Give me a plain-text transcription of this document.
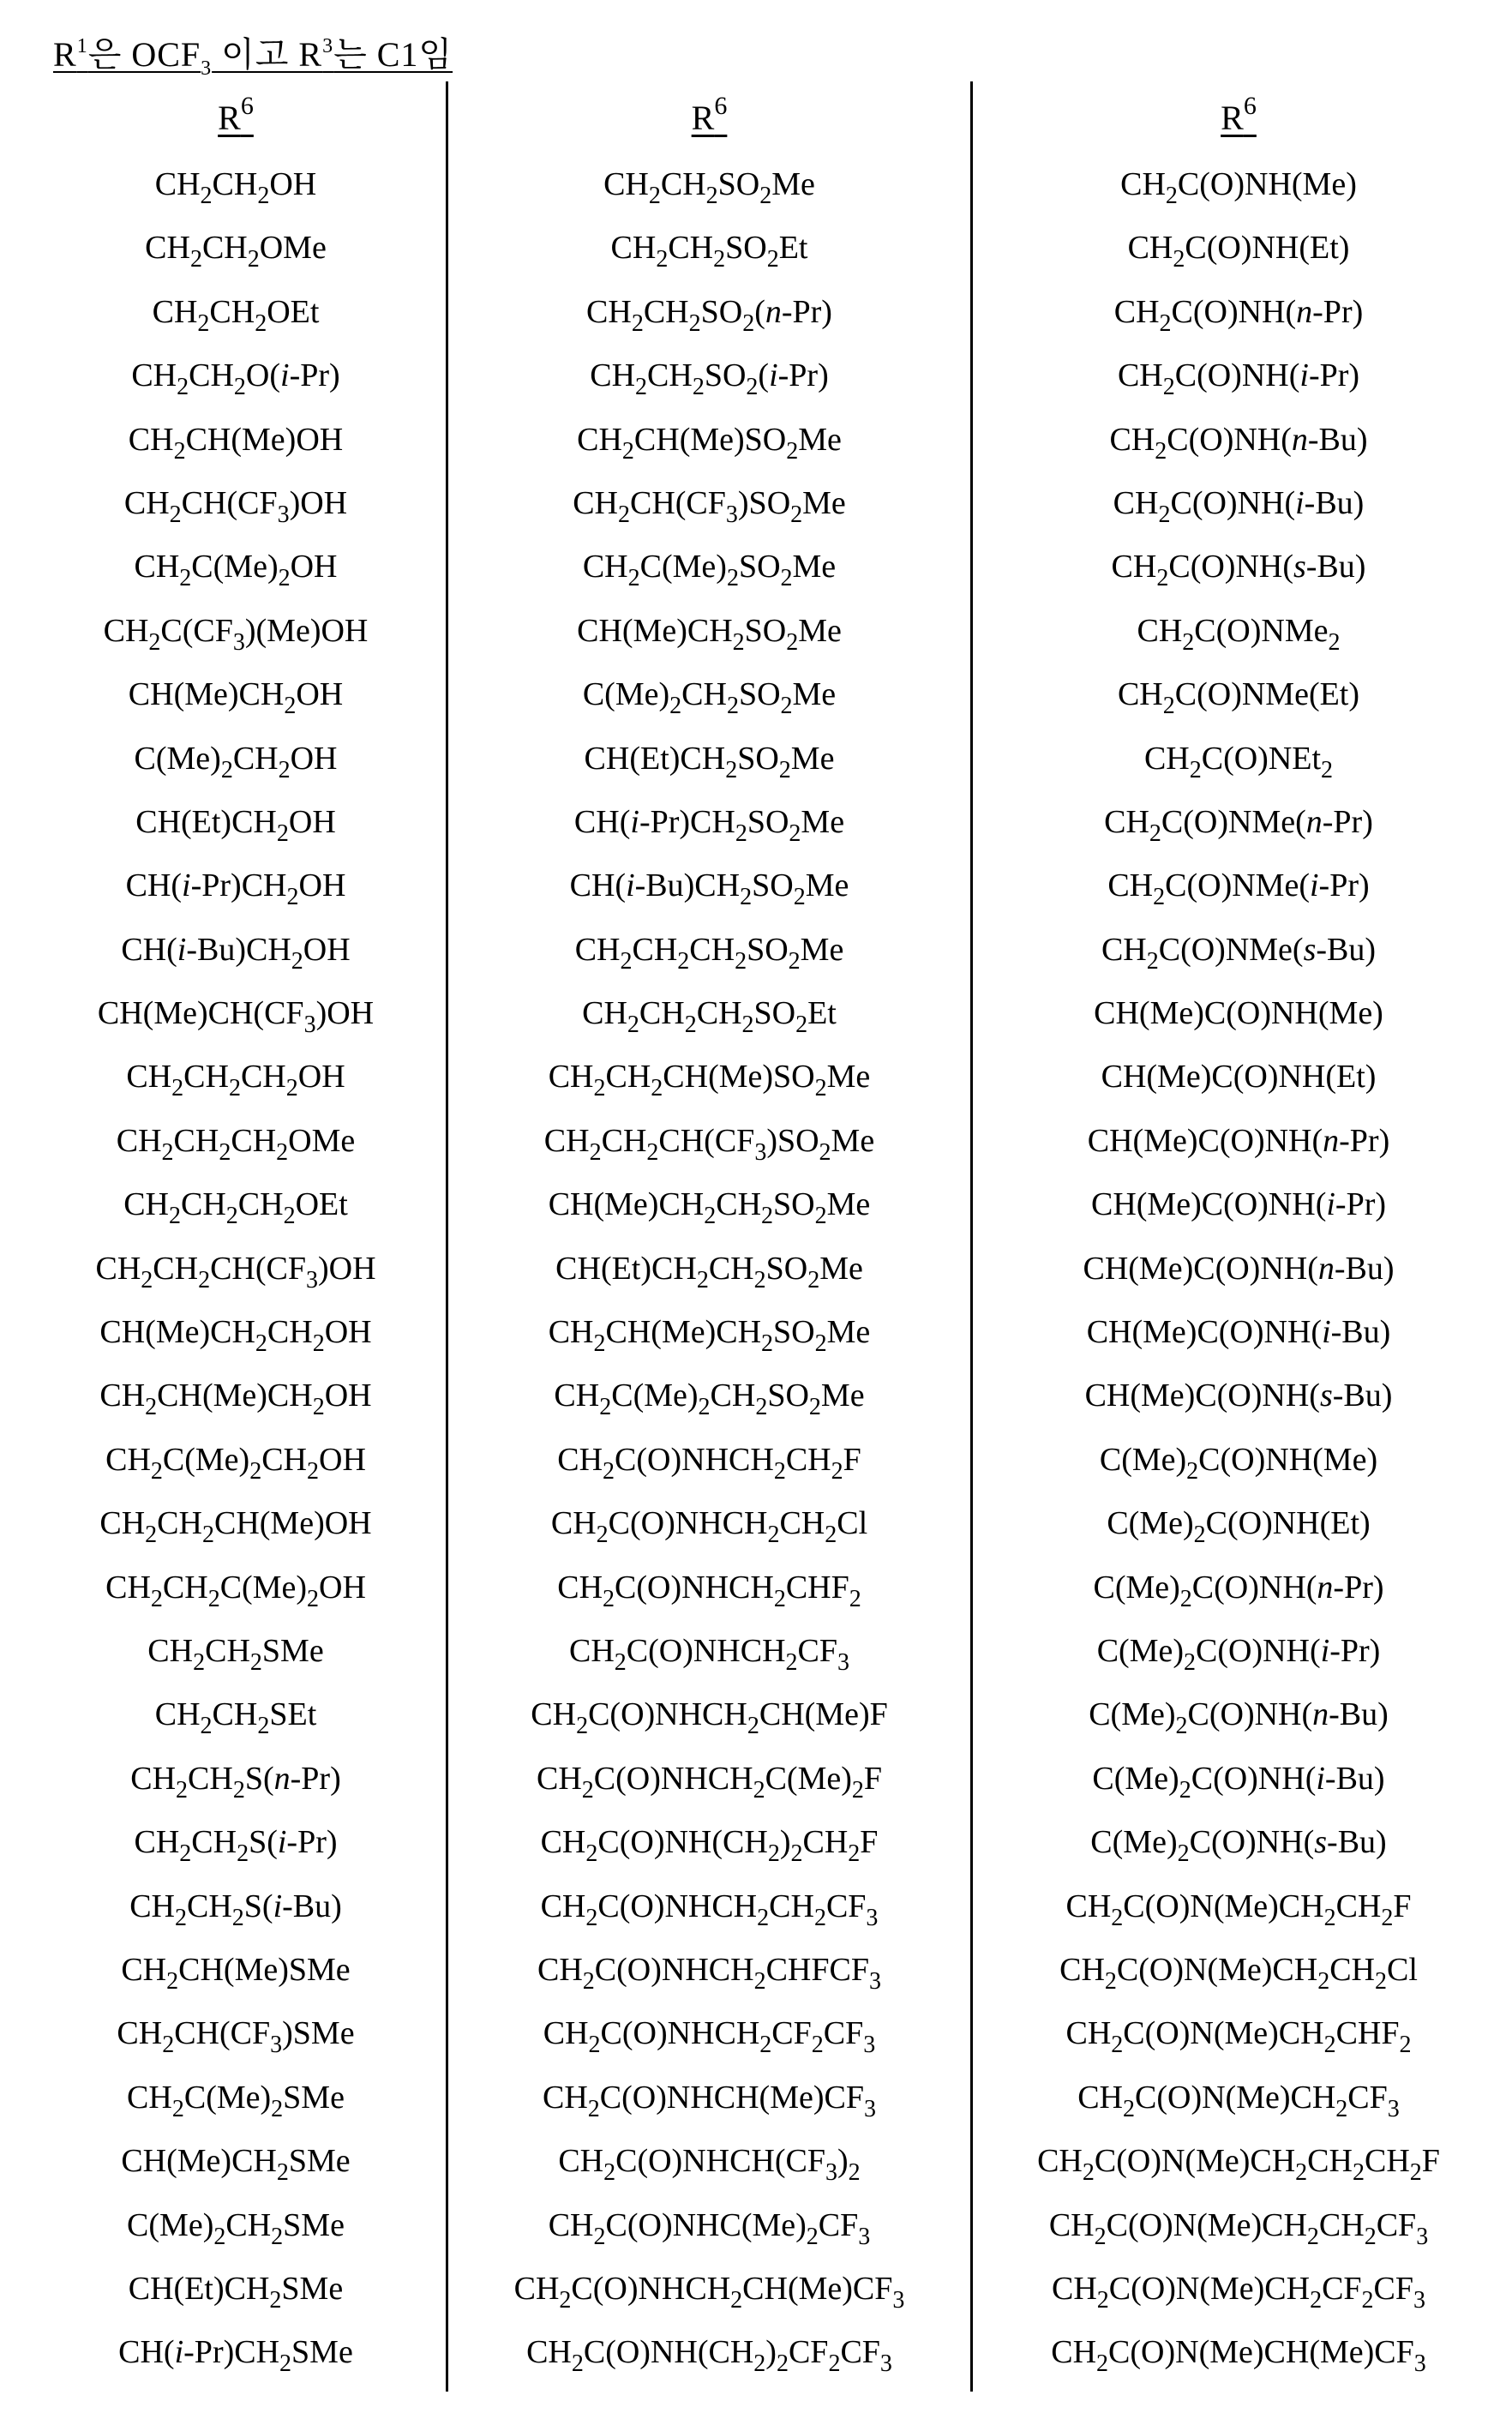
$R^1$은 $OCF_3$ 이고 $R^3$는 C1임
$R^6$
$CH_2CH_2OH$
$CH_2CH_2OMe$
$CH_2CH_2OEt$
$CH_2CH_2O(i-Pr)$
$CH_2CH(Me)OH$
$CH_2CH(CF_3)OH$
$CH_2C(Me)_2OH$
$CH_2C(CF_3)(Me)OH$
$CH(Me)CH_2OH$
$C(Me)_2CH_2OH$
$CH(Et)CH_2OH$
$CH(i-Pr)CH_2OH$
$CH(i-Bu)CH_2OH$
$CH(Me)CH(CF_3)OH$
$CH_2CH_2CH_2OH$
$CH_2CH_2CH_2OMe$
$CH_2CH_2CH_2OEt$
$CH_2CH_2CH(CF_3)OH$
$CH(Me)CH_2CH_2OH$
$CH_2CH(Me)CH_2OH$
$CH_2C(Me)_2CH_2OH$
$CH_2CH_2CH(Me)OH$
$CH_2CH_2C(Me)_2OH$
$CH_2CH_2SMe$
$CH_2CH_2SEt$
$CH_2CH_2S(n-Pr)$
$CH_2CH_2S(i-Pr)$
$CH_2CH_2S(i-Bu)$
$CH_2CH(Me)SMe$
$CH_2CH(CF_3)SMe$
$CH_2C(Me)_2SMe$
$CH(Me)CH_2SMe$
$C(Me)_2CH_2SMe$
$CH(Et)CH_2SMe$
$CH(i-Pr)CH_2SMe$
$R^6$
$CH_2CH_2SO_2Me$
$CH_2CH_2SO_2Et$
$CH_2CH_2SO_2(n-Pr)$
$CH_2CH_2SO_2(i-Pr)$
$CH_2CH(Me)SO_2Me$
$CH_2CH(CF_3)SO_2Me$
$CH_2C(Me)_2SO_2Me$
$CH(Me)CH_2SO_2Me$
$C(Me)_2CH_2SO_2Me$
$CH(Et)CH_2SO_2Me$
$CH(i-Pr)CH_2SO_2Me$
$CH(i-Bu)CH_2SO_2Me$
$CH_2CH_2CH_2SO_2Me$
$CH_2CH_2CH_2SO_2Et$
$CH_2CH_2CH(Me)SO_2Me$
$CH_2CH_2CH(CF_3)SO_2Me$
$CH(Me)CH_2CH_2SO_2Me$
$CH(Et)CH_2CH_2SO_2Me$
$CH_2CH(Me)CH_2SO_2Me$
$CH_2C(Me)_2CH_2SO_2Me$
$CH_2C(O)NHCH_2CH_2F$
$CH_2C(O)NHCH_2CH_2Cl$
$CH_2C(O)NHCH_2CHF_2$
$CH_2C(O)NHCH_2CF_3$
$CH_2C(O)NHCH_2CH(Me)F$
$CH_2C(O)NHCH_2C(Me)_2F$
$CH_2C(O)NH(CH_2)_2CH_2F$
$CH_2C(O)NHCH_2CH_2CF_3$
$CH_2C(O)NHCH_2CHFCF_3$
$CH_2C(O)NHCH_2CF_2CF_3$
$CH_2C(O)NHCH(Me)CF_3$
$CH_2C(O)NHCH(CF_3)_2$
$CH_2C(O)NHC(Me)_2CF_3$
$CH_2C(O)NHCH_2CH(Me)CF_3$
$CH_2C(O)NH(CH_2)_2CF_2CF_3$
$R^6$
$CH_2C(O)NH(Me)$
$CH_2C(O)NH(Et)$
$CH_2C(O)NH(n-Pr)$
$CH_2C(O)NH(i-Pr)$
$CH_2C(O)NH(n-Bu)$
$CH_2C(O)NH(i-Bu)$
$CH_2C(O)NH(s-Bu)$
$CH_2C(O)NMe_2$
$CH_2C(O)NMe(Et)$
$CH_2C(O)NEt_2$
$CH_2C(O)NMe(n-Pr)$
$CH_2C(O)NMe(i-Pr)$
$CH_2C(O)NMe(s-Bu)$
CH(Me)C(O)NH(Me)
CH(Me)C(O)NH(Et)
CH(Me)C(O)NH(n-Pr)
CH(Me)C(O)NH(i-Pr)
CH(Me)C(O)NH(n-Bu)
CH(Me)C(O)NH(i-Bu)
CH(Me)C(O)NH(s-Bu)
$C(Me)_2C(O)NH(Me)$
$C(Me)_2C(O)NH(Et)$
$C(Me)_2C(O)NH(n-Pr)$
$C(Me)_2C(O)NH(i-Pr)$
$C(Me)_2C(O)NH(n-Bu)$
$C(Me)_2C(O)NH(i-Bu)$
$C(Me)_2C(O)NH(s-Bu)$
$CH_2C(O)N(Me)CH_2CH_2F$
$CH_2C(O)N(Me)CH_2CH_2Cl$
$CH_2C(O)N(Me)CH_2CHF_2$
$CH_2C(O)N(Me)CH_2CF_3$
$CH_2C(O)N(Me)CH_2CH_2CH_2F$
$CH_2C(O)N(Me)CH_2CH_2CF_3$
$CH_2C(O)N(Me)CH_2CF_2CF_3$
$CH_2C(O)N(Me)CH(Me)CF_3$
